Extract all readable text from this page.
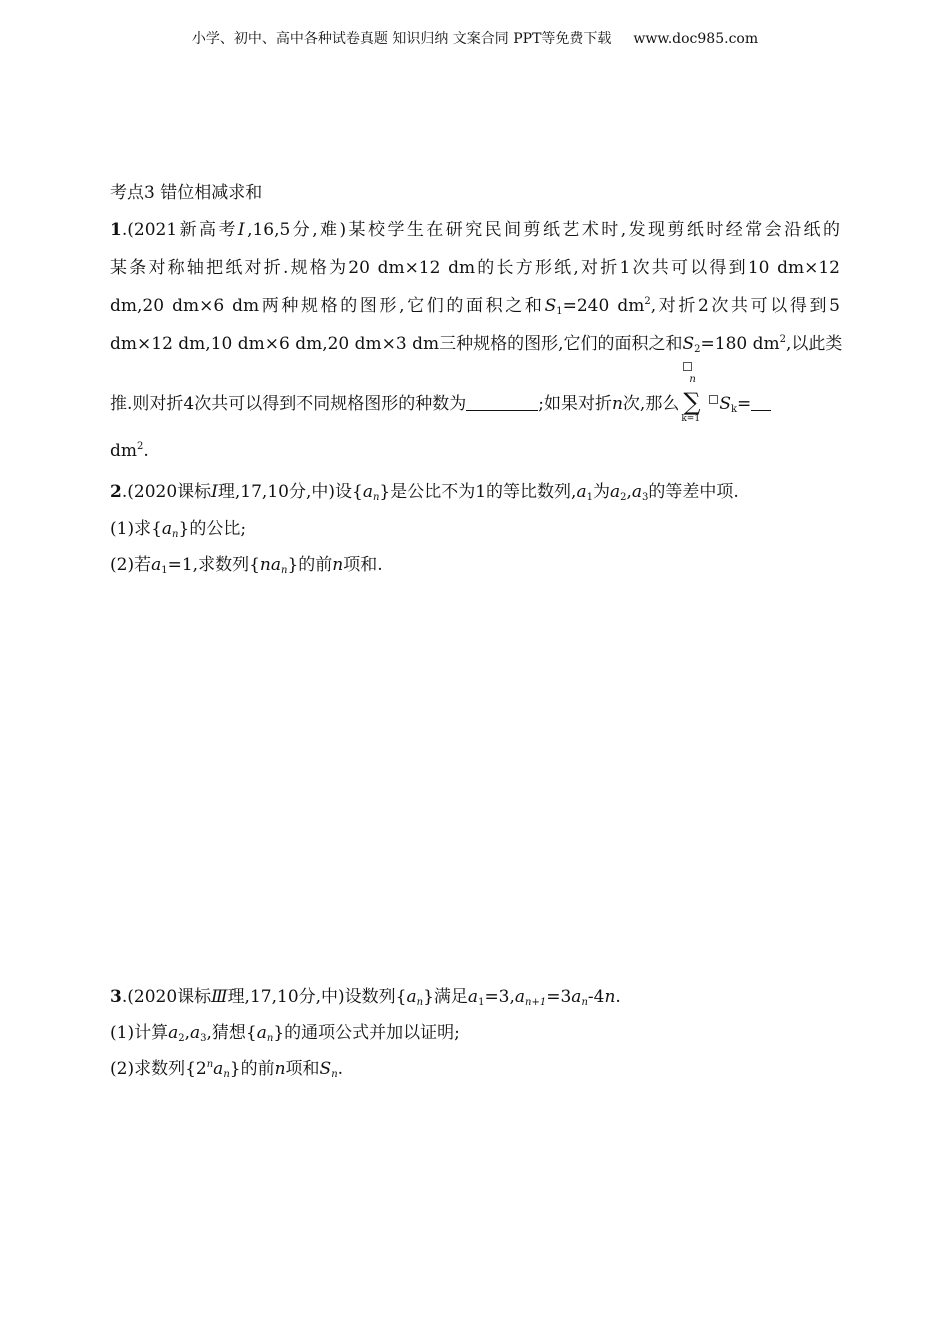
小学、初中、高中各种试卷真题 知识归纳 文案合同 PPT等免费下载 www.doc985.com
考点3 错位相减求和
1.(2021新高考Ⅰ,16,5分,难)某校学生在研究民间剪纸艺术时,发现剪纸时经常会沿纸的
某条对称轴把纸对折.规格为20 dm×12 dm的长方形纸,对折1次共可以得到10 dm×12
dm,20 dm×6 dm两种规格的图形,它们的面积之和$S_1=240$ $dm^2$,对折2次共可以得到5
dm×12 dm,10 dm×6 dm,20 dm×3 dm三种规格的图形,它们的面积之和$S_2=180$ $dm^2$,以此类
推.则对折4次共可以得到不同规格图形的种数为	;如果对折n次,那么
n
∑
k=1
$S_k=$
$dm^2$.
2.(2020课标Ⅰ理,17,10分,中)设$\{a_n\}$是公比不为1的等比数列$,a_1$为$a_2,a_3$的等差中项.
(1)求$\{a_n\}$的公比;
(2)若$a_1=1$,求数列$\{na_n\}$的前n项和.
3.(2020课标Ⅲ理,17,10分,中)设数列$\{a_n\}$满足$a_1=3,a_{n+1}=3a_n-4n$.
(1)计算$a_2,a_3$,猜想$\{a_n\}$的通项公式并加以证明;
(2)求数列$\{2^na_n\}$的前n项和$S_n$.
